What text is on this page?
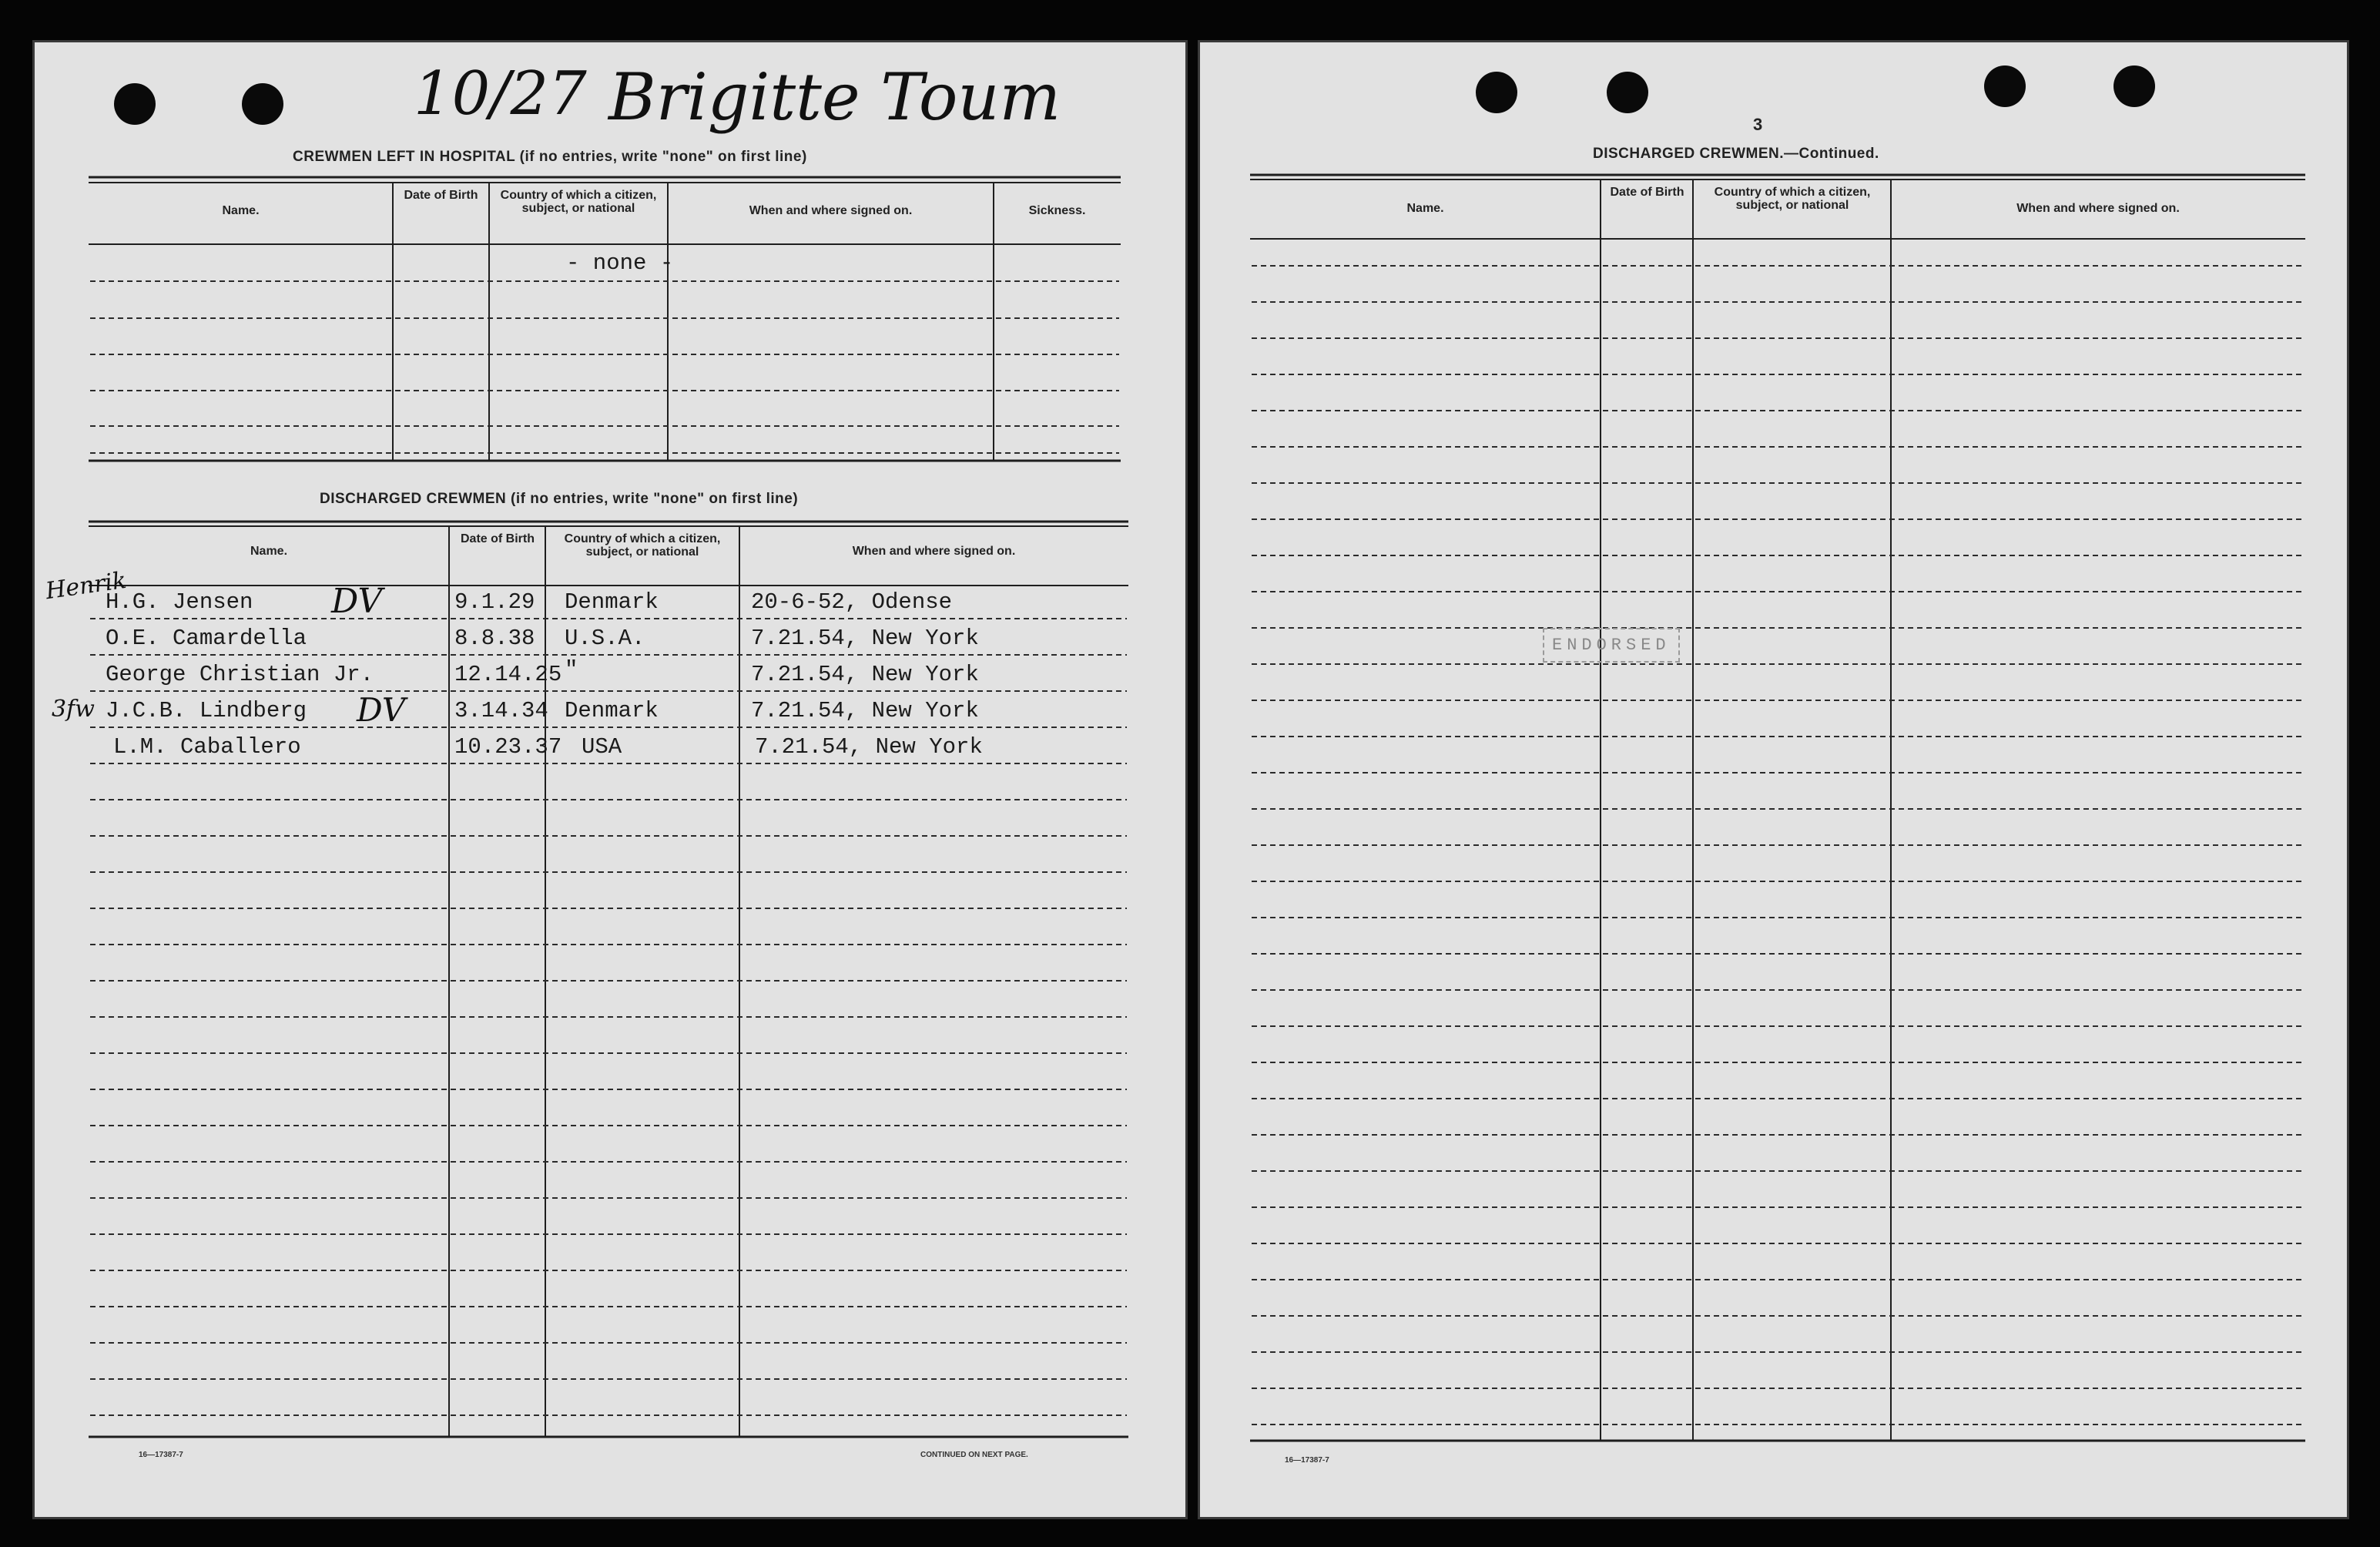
10/27 Brigitte Toum
CREWMEN LEFT IN HOSPITAL (if no entries, write "none" on first line)
Name.
Date of Birth	Country of which a citizen, subject, or national	When and where signed on.	Sickness.
- none -
DISCHARGED CREWMEN (if no entries, write "none" on first line)
Name.
Date of Birth	Country of which a citizen, subject, or national	When and where signed on.
Henrik
3fw
H.G. Jensen DV	9.1.29 Denmark	20-6-52, Odense
O.E. Camardella	8.8.38 U.S.A.	7.21.54, New York
George Christian Jr.	12.14.25 "	7.21.54, New York
J.C.B. Lindberg DV 3.14.34 Denmark	7.21.54, New York
L.M. Caballero	10.23.37 USA	7.21.54, New York
16—17387-7	CONTINUED ON NEXT PAGE.
3
DISCHARGED CREWMEN.—Continued.
Name.
Date of Birth	Country of which a citizen, subject, or national	When and where signed on.
ENDORSED
16—17387-7
